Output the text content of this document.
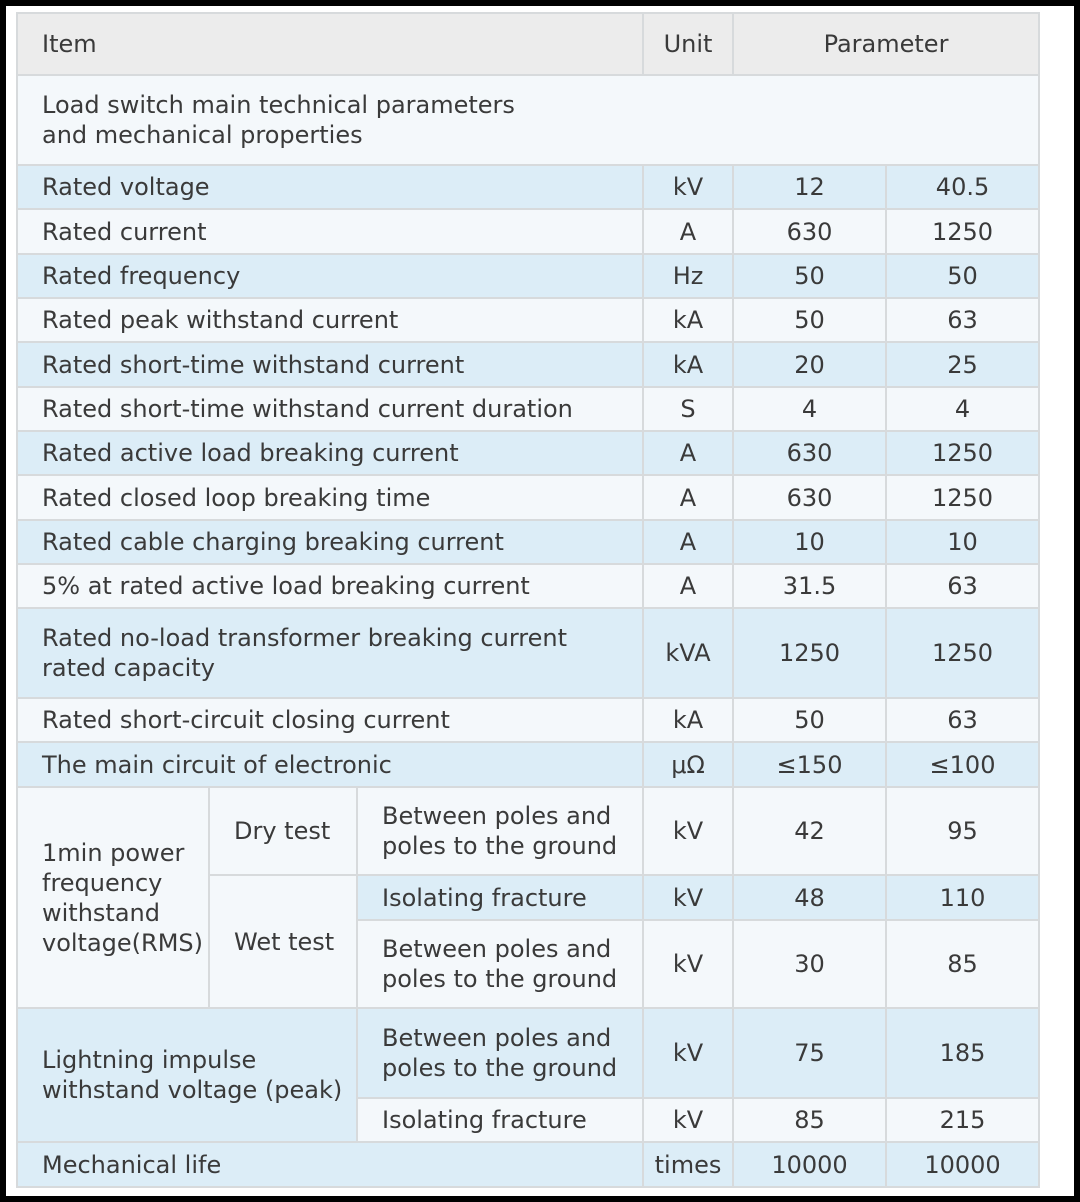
Item			Unit	Parameter	
Load switch main technical parameters and mechanical properties					
Rated voltage			kV	12	40.5
Rated current			A	630	1250
Rated frequency			Hz	50	50
Rated peak withstand current			kA	50	63
Rated short-time withstand current			kA	20	25
Rated short-time withstand current duration			S	4	4
Rated active load breaking current			A	630	1250
Rated closed loop breaking time			A	630	1250
Rated cable charging breaking current			A	10	10
5% at rated active load breaking current			A	31.5	63
Rated no-load transformer breaking current rated capacity			kVA	1250	1250
Rated short-circuit closing current			kA	50	63
The main circuit of electronic			μΩ	≤150	≤100
1min power frequency withstand voltage(RMS)	Dry test	Between poles and poles to the ground	kV	42	95
	Wet test	Isolating fracture	kV	48	110
		Between poles and poles to the ground	kV	30	85
Lightning impulse withstand voltage (peak)		Between poles and poles to the ground	kV	75	185
		Isolating fracture	kV	85	215
Mechanical life			times	10000	10000
